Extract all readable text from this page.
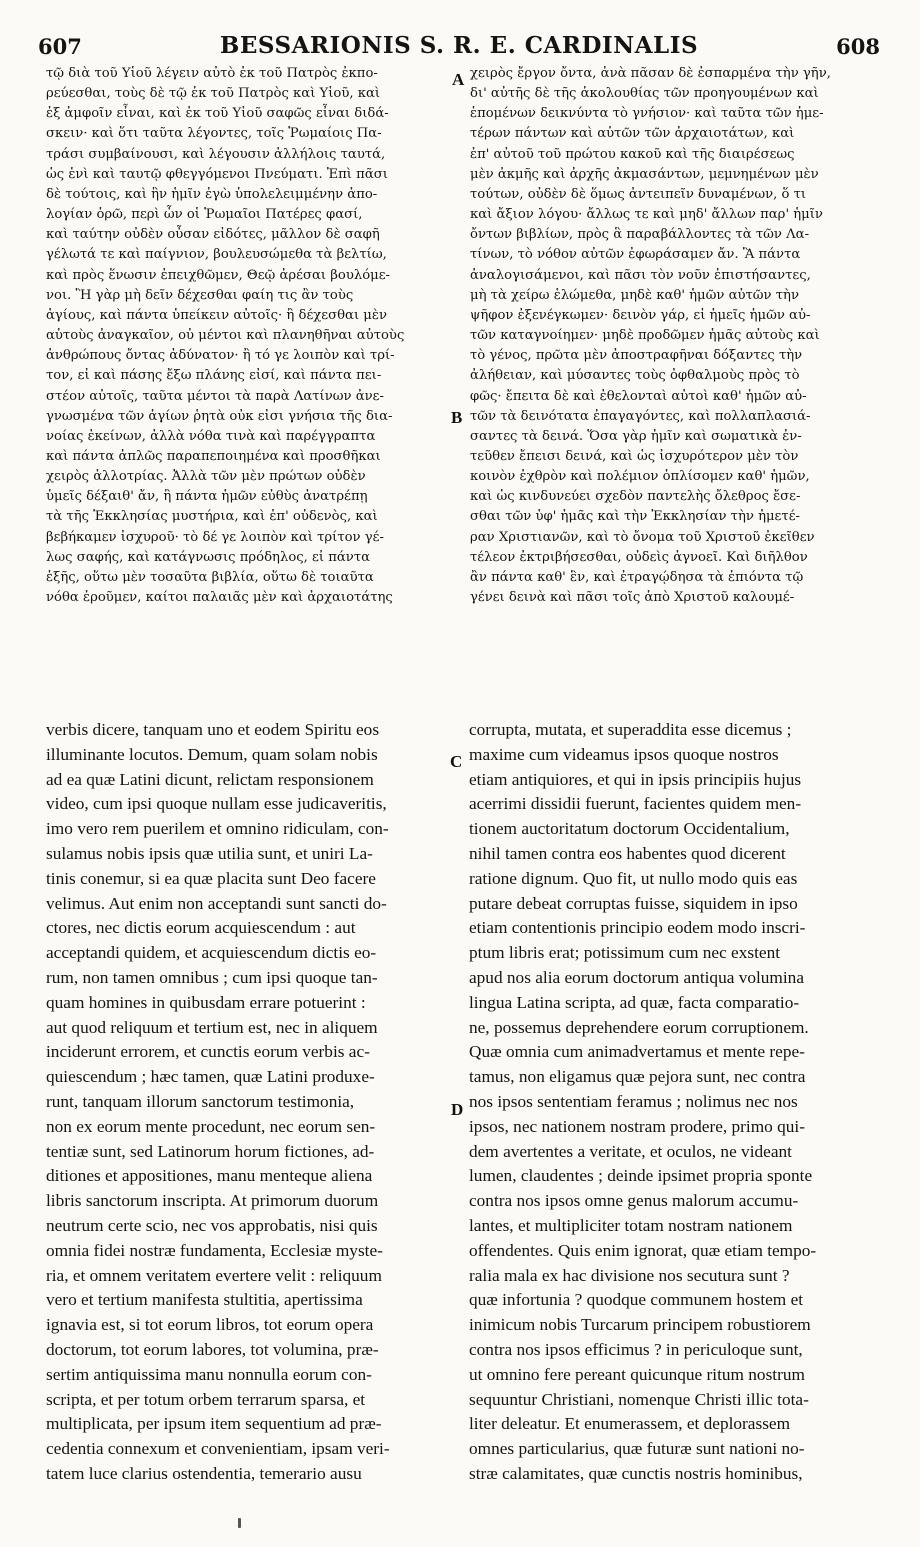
607	BESSARIONIS S. R. E. CARDINALIS	608
A
B
C
D
τῷ διὰ τοῦ Υἱοῦ λέγειν αὐτὸ ἐκ τοῦ Πατρὸς ἐκπο-
ρεύεσθαι, τοὺς δὲ τῷ ἐκ τοῦ Πατρὸς καὶ Υἱοῦ, καὶ
ἐξ ἀμφοῖν εἶναι, καὶ ἐκ τοῦ Υἱοῦ σαφῶς εἶναι διδά-
σκειν· καὶ ὅτι ταῦτα λέγοντες, τοῖς Ῥωμαίοις Πα-
τράσι συμβαίνουσι, καὶ λέγουσιν ἀλλήλοις ταυτά,
ὡς ἑνὶ καὶ ταυτῷ φθεγγόμενοι Πνεύματι. Ἐπὶ πᾶσι
δὲ τούτοις, καὶ ἣν ἡμῖν ἐγὼ ὑπολελειμμένην ἀπο-
λογίαν ὁρῶ, περὶ ὧν οἱ Ῥωμαῖοι Πατέρες φασί,
καὶ ταύτην οὐδὲν οὖσαν εἰδότες, μᾶλλον δὲ σαφῆ
γέλωτά τε καὶ παίγνιον, βουλευσώμεθα τὰ βελτίω,
καὶ πρὸς ἕνωσιν ἐπειχθῶμεν, Θεῷ ἀρέσαι βουλόμε-
νοι. Ἢ γὰρ μὴ δεῖν δέχεσθαι φαίη τις ἂν τοὺς
ἁγίους, καὶ πάντα ὑπείκειν αὐτοῖς· ἢ δέχεσθαι μὲν
αὐτοὺς ἀναγκαῖον, οὐ μέντοι καὶ πλανηθῆναι αὐτοὺς
ἀνθρώπους ὄντας ἀδύνατον· ἢ τό γε λοιπὸν καὶ τρί-
τον, εἰ καὶ πάσης ἔξω πλάνης εἰσί, καὶ πάντα πει-
στέον αὐτοῖς, ταῦτα μέντοι τὰ παρὰ Λατίνων ἀνε-
γνωσμένα τῶν ἁγίων ῥητὰ οὐκ εἰσι γνήσια τῆς δια-
νοίας ἐκείνων, ἀλλὰ νόθα τινὰ καὶ παρέγγραπτα
καὶ πάντα ἁπλῶς παραπεποιημένα καὶ προσθῆκαι
χειρὸς ἀλλοτρίας. Ἀλλὰ τῶν μὲν πρώτων οὐδὲν
ὑμεῖς δέξαιθ' ἄν, ἢ πάντα ἡμῶν εὐθὺς ἀνατρέπῃ
τὰ τῆς Ἐκκλησίας μυστήρια, καὶ ἐπ' οὐδενὸς, καὶ
βεβήκαμεν ἰσχυροῦ· τὸ δέ γε λοιπὸν καὶ τρίτον γέ-
λως σαφής, καὶ κατάγνωσις πρόδηλος, εἰ πάντα
ἑξῆς, οὕτω μὲν τοσαῦτα βιβλία, οὕτω δὲ τοιαῦτα
νόθα ἐροῦμεν, καίτοι παλαιᾶς μὲν καὶ ἀρχαιοτάτης
χειρὸς ἔργον ὄντα, ἀνὰ πᾶσαν δὲ ἐσπαρμένα τὴν γῆν,
δι' αὐτῆς δὲ τῆς ἀκολουθίας τῶν προηγουμένων καὶ
ἑπομένων δεικνύντα τὸ γνήσιον· καὶ ταῦτα τῶν ἡμε-
τέρων πάντων καὶ αὐτῶν τῶν ἀρχαιοτάτων, καὶ
ἐπ' αὐτοῦ τοῦ πρώτου κακοῦ καὶ τῆς διαιρέσεως
μὲν ἀκμῆς καὶ ἀρχῆς ἀκμασάντων, μεμνημένων μὲν
τούτων, οὐδὲν δὲ ὅμως ἀντειπεῖν δυναμένων, ὅ τι
καὶ ἄξιον λόγου· ἄλλως τε καὶ μηδ' ἄλλων παρ' ἡμῖν
ὄντων βιβλίων, πρὸς ἃ παραβάλλοντες τὰ τῶν Λα-
τίνων, τὸ νόθον αὐτῶν ἐφωράσαμεν ἄν. Ἃ πάντα
ἀναλογισάμενοι, καὶ πᾶσι τὸν νοῦν ἐπιστήσαντες,
μὴ τὰ χείρω ἑλώμεθα, μηδὲ καθ' ἡμῶν αὐτῶν τὴν
ψῆφον ἐξενέγκωμεν· δεινὸν γάρ, εἰ ἡμεῖς ἡμῶν αὐ-
τῶν καταγνοίημεν· μηδὲ προδῶμεν ἡμᾶς αὐτοὺς καὶ
τὸ γένος, πρῶτα μὲν ἀποστραφῆναι δόξαντες τὴν
ἀλήθειαν, καὶ μύσαντες τοὺς ὀφθαλμοὺς πρὸς τὸ
φῶς· ἔπειτα δὲ καὶ ἐθελονταὶ αὐτοὶ καθ' ἡμῶν αὐ-
τῶν τὰ δεινότατα ἐπαγαγόντες, καὶ πολλαπλασιά-
σαντες τὰ δεινά. Ὅσα γὰρ ἡμῖν καὶ σωματικὰ ἐν-
τεῦθεν ἔπεισι δεινά, καὶ ὡς ἰσχυρότερον μὲν τὸν
κοινὸν ἐχθρὸν καὶ πολέμιον ὁπλίσομεν καθ' ἡμῶν,
καὶ ὡς κινδυνεύει σχεδὸν παντελὴς ὄλεθρος ἔσε-
σθαι τῶν ὑφ' ἡμᾶς καὶ τὴν Ἐκκλησίαν τὴν ἡμετέ-
ραν Χριστιανῶν, καὶ τὸ ὄνομα τοῦ Χριστοῦ ἐκεῖθεν
τέλεον ἐκτριβήσεσθαι, οὐδεὶς ἀγνοεῖ. Καὶ διῆλθον
ἂν πάντα καθ' ἓν, καὶ ἐτραγῴδησα τὰ ἐπιόντα τῷ
γένει δεινὰ καὶ πᾶσι τοῖς ἀπὸ Χριστοῦ καλουμέ-
verbis dicere, tanquam uno et eodem Spiritu eos
illuminante locutos. Demum, quam solam nobis
ad ea quæ Latini dicunt, relictam responsionem
video, cum ipsi quoque nullam esse judicaveritis,
imo vero rem puerilem et omnino ridiculam, con-
sulamus nobis ipsis quæ utilia sunt, et uniri La-
tinis conemur, si ea quæ placita sunt Deo facere
velimus. Aut enim non acceptandi sunt sancti do-
ctores, nec dictis eorum acquiescendum : aut
acceptandi quidem, et acquiescendum dictis eo-
rum, non tamen omnibus ; cum ipsi quoque tan-
quam homines in quibusdam errare potuerint :
aut quod reliquum et tertium est, nec in aliquem
inciderunt errorem, et cunctis eorum verbis ac-
quiescendum ; hæc tamen, quæ Latini produxe-
runt, tanquam illorum sanctorum testimonia,
non ex eorum mente procedunt, nec eorum sen-
tentiæ sunt, sed Latinorum horum fictiones, ad-
ditiones et appositiones, manu menteque aliena
libris sanctorum inscripta. At primorum duorum
neutrum certe scio, nec vos approbatis, nisi quis
omnia fidei nostræ fundamenta, Ecclesiæ myste-
ria, et omnem veritatem evertere velit : reliquum
vero et tertium manifesta stultitia, apertissima
ignavia est, si tot eorum libros, tot eorum opera
doctorum, tot eorum labores, tot volumina, præ-
sertim antiquissima manu nonnulla eorum con-
scripta, et per totum orbem terrarum sparsa, et
multiplicata, per ipsum item sequentium ad præ-
cedentia connexum et convenientiam, ipsam veri-
tatem luce clarius ostendentia, temerario ausu
corrupta, mutata, et superaddita esse dicemus ;
maxime cum videamus ipsos quoque nostros
etiam antiquiores, et qui in ipsis principiis hujus
acerrimi dissidii fuerunt, facientes quidem men-
tionem auctoritatum doctorum Occidentalium,
nihil tamen contra eos habentes quod dicerent
ratione dignum. Quo fit, ut nullo modo quis eas
putare debeat corruptas fuisse, siquidem in ipso
etiam contentionis principio eodem modo inscri-
ptum libris erat; potissimum cum nec exstent
apud nos alia eorum doctorum antiqua volumina
lingua Latina scripta, ad quæ, facta comparatio-
ne, possemus deprehendere eorum corruptionem.
Quæ omnia cum animadvertamus et mente repe-
tamus, non eligamus quæ pejora sunt, nec contra
nos ipsos sententiam feramus ; nolimus nec nos
ipsos, nec nationem nostram prodere, primo qui-
dem avertentes a veritate, et oculos, ne videant
lumen, claudentes ; deinde ipsimet propria sponte
contra nos ipsos omne genus malorum accumu-
lantes, et multipliciter totam nostram nationem
offendentes. Quis enim ignorat, quæ etiam tempo-
ralia mala ex hac divisione nos secutura sunt ?
quæ infortunia ? quodque communem hostem et
inimicum nobis Turcarum principem robustiorem
contra nos ipsos efficimus ? in periculoque sunt,
ut omnino fere pereant quicunque ritum nostrum
sequuntur Christiani, nomenque Christi illic tota-
liter deleatur. Et enumerassem, et deplorassem
omnes particularius, quæ futuræ sunt nationi no-
stræ calamitates, quæ cunctis nostris hominibus,
